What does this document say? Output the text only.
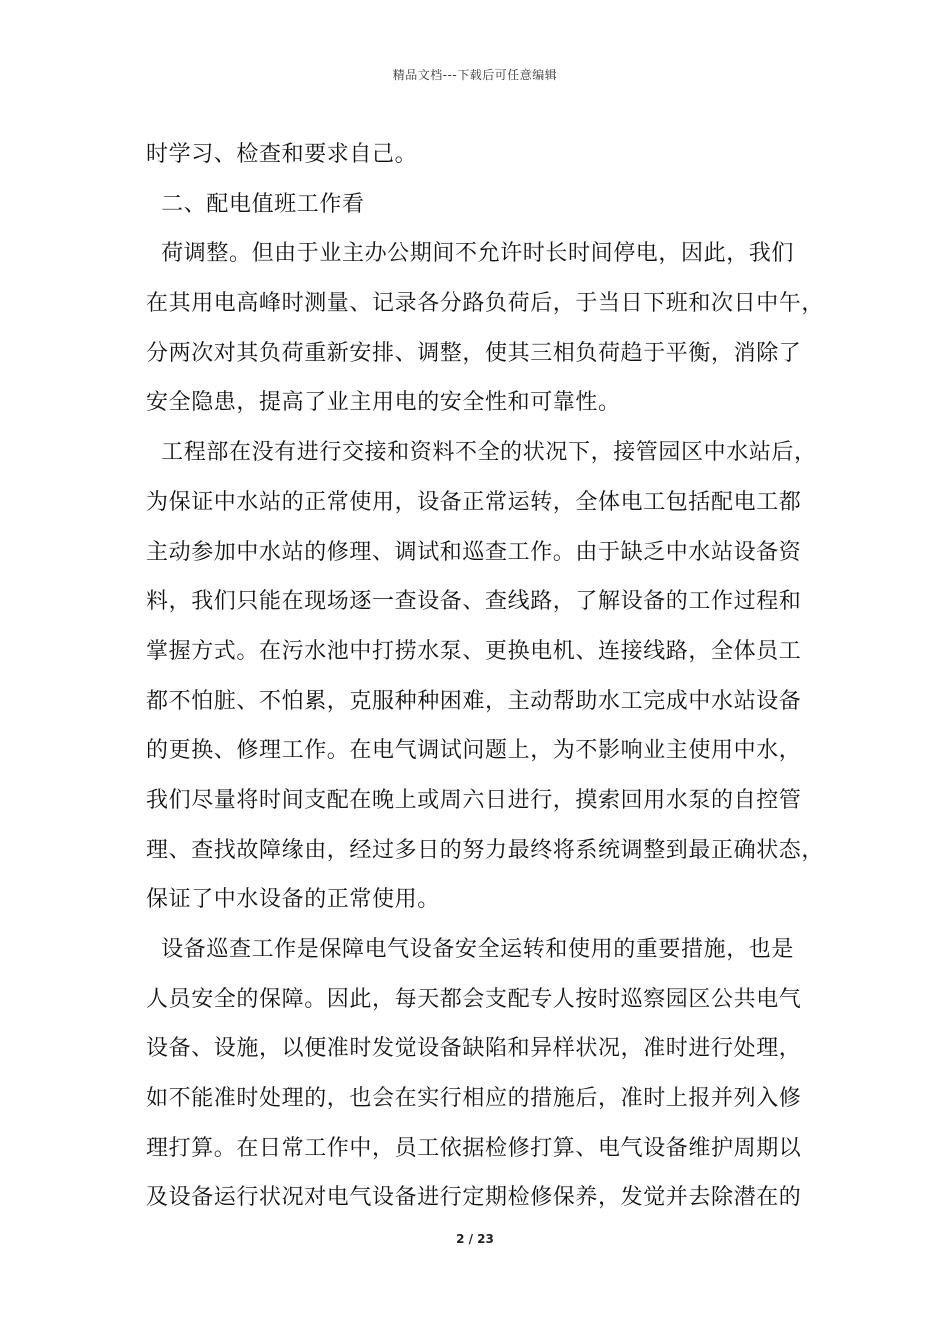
精品文档---下载后可任意编辑
时学习、检查和要求自己。
二、配电值班工作看
荷调整。但由于业主办公期间不允许时长时间停电，因此，我们
在其用电高峰时测量、记录各分路负荷后，于当日下班和次日中午，
分两次对其负荷重新安排、调整，使其三相负荷趋于平衡，消除了
安全隐患，提高了业主用电的安全性和可靠性。
工程部在没有进行交接和资料不全的状况下，接管园区中水站后，
为保证中水站的正常使用，设备正常运转，全体电工包括配电工都
主动参加中水站的修理、调试和巡查工作。由于缺乏中水站设备资
料，我们只能在现场逐一查设备、查线路，了解设备的工作过程和
掌握方式。在污水池中打捞水泵、更换电机、连接线路，全体员工
都不怕脏、不怕累，克服种种困难，主动帮助水工完成中水站设备
的更换、修理工作。在电气调试问题上，为不影响业主使用中水，
我们尽量将时间支配在晚上或周六日进行，摸索回用水泵的自控管
理、查找故障缘由，经过多日的努力最终将系统调整到最正确状态，
保证了中水设备的正常使用。
设备巡查工作是保障电气设备安全运转和使用的重要措施，也是
人员安全的保障。因此，每天都会支配专人按时巡察园区公共电气
设备、设施，以便准时发觉设备缺陷和异样状况，准时进行处理，
如不能准时处理的，也会在实行相应的措施后，准时上报并列入修
理打算。在日常工作中，员工依据检修打算、电气设备维护周期以
及设备运行状况对电气设备进行定期检修保养，发觉并去除潜在的
2 / 23
